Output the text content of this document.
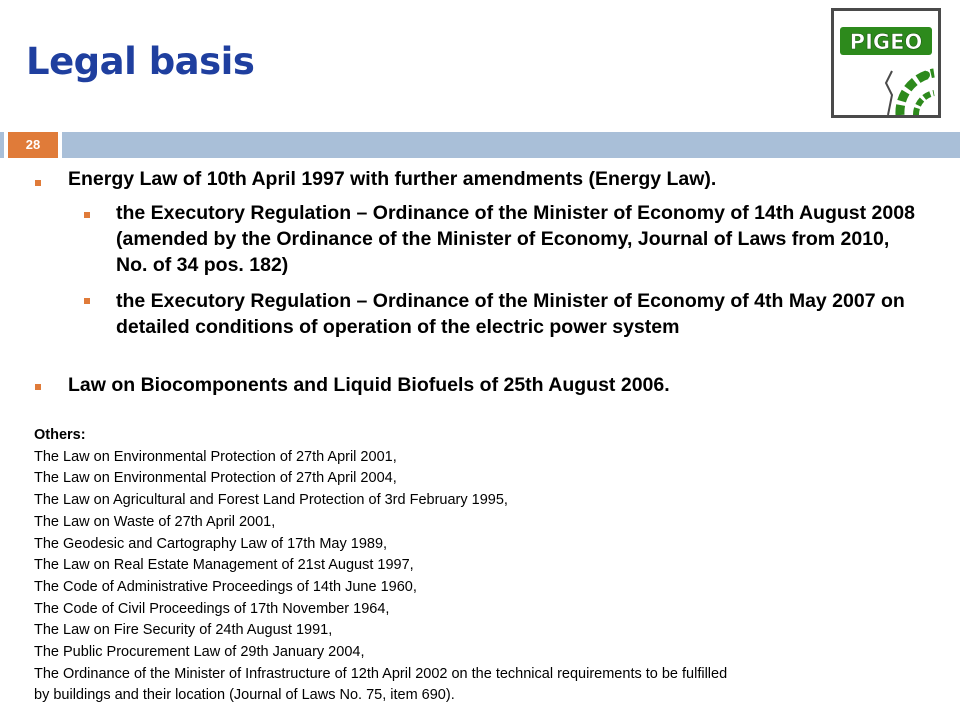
Legal basis	PIGEO
28

Energy Law of 10th April 1997 with further amendments (Energy Law).

the Executory Regulation – Ordinance of the Minister of Economy of 14th August 2008 (amended by the Ordinance of the Minister of Economy, Journal of Laws from 2010, No. of 34 pos. 182)

the Executory Regulation – Ordinance of the Minister of Economy of 4th May 2007 on detailed conditions of operation of the electric power system

Law on Biocomponents and Liquid Biofuels of 25th August 2006.

Others:
The Law on Environmental Protection of 27th April 2001,
The Law on Environmental Protection of 27th April 2004,
The Law on Agricultural and Forest Land Protection of 3rd February 1995,
The Law on Waste of 27th April 2001,
The Geodesic and Cartography Law of 17th May 1989,
The Law on Real Estate Management of 21st August 1997,
The Code of Administrative Proceedings of 14th June 1960,
The Code of Civil Proceedings of 17th November 1964,
The Law on Fire Security of 24th August 1991,
The Public Procurement Law of 29th January 2004,
The Ordinance of the Minister of Infrastructure of 12th April 2002 on the technical requirements to be fulfilled
by buildings and their location (Journal of Laws No. 75, item 690).
